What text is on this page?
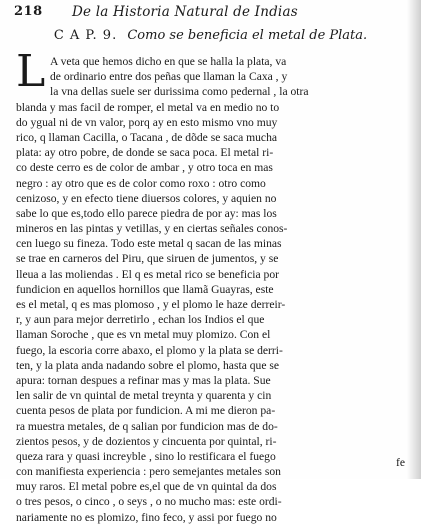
218 De la Historia Natural de Indias
C A P. 9. Como se beneficia el metal de Plata.
L A veta que hemos dicho en que se halla la plata, va
de ordinario entre dos peñas que llaman la Caxa , y
la vna dellas suele ser durissima como pedernal , la otra
blanda y mas facil de romper, el metal va en medio no to
do ygual ni de vn valor, porq ay en esto mismo vno muy
rico, q llaman Cacilla, o Tacana , de dõde se saca mucha
plata: ay otro pobre, de donde se saca poca. El metal ri-
co deste cerro es de color de ambar , y otro toca en mas
negro : ay otro que es de color como roxo : otro como
cenizoso, y en efecto tiene diuersos colores, y aquien no
sabe lo que es,todo ello parece piedra de por ay: mas los
mineros en las pintas y vetillas, y en ciertas señales conos-
cen luego su fineza. Todo este metal q sacan de las minas
se trae en carneros del Piru, que siruen de jumentos, y se
lleua a las moliendas . El q es metal rico se beneficia por
fundicion en aquellos hornillos que llamã Guayras, este
es el metal, q es mas plomoso , y el plomo le haze derreir-
r, y aun para mejor derretirlo , echan los Indios el que
llaman Soroche , que es vn metal muy plomizo. Con el
fuego, la escoria corre abaxo, el plomo y la plata se derri-
ten, y la plata anda nadando sobre el plomo, hasta que se
apura: tornan despues a refinar mas y mas la plata. Sue
len salir de vn quintal de metal treynta y quarenta y cin
cuenta pesos de plata por fundicion. A mi me dieron pa-
ra muestra metales, de q salian por fundicion mas de do-
zientos pesos, y de dozientos y cincuenta por quintal, ri-
queza rara y quasi increyble , sino lo restificara el fuego
con manifiesta experiencia : pero semejantes metales son
muy raros. El metal pobre es,el que de vn quintal da dos
o tres pesos, o cinco , o seys , o no mucho mas: este ordi-
nariamente no es plomizo, fino feco, y assi por fuego no
fe
